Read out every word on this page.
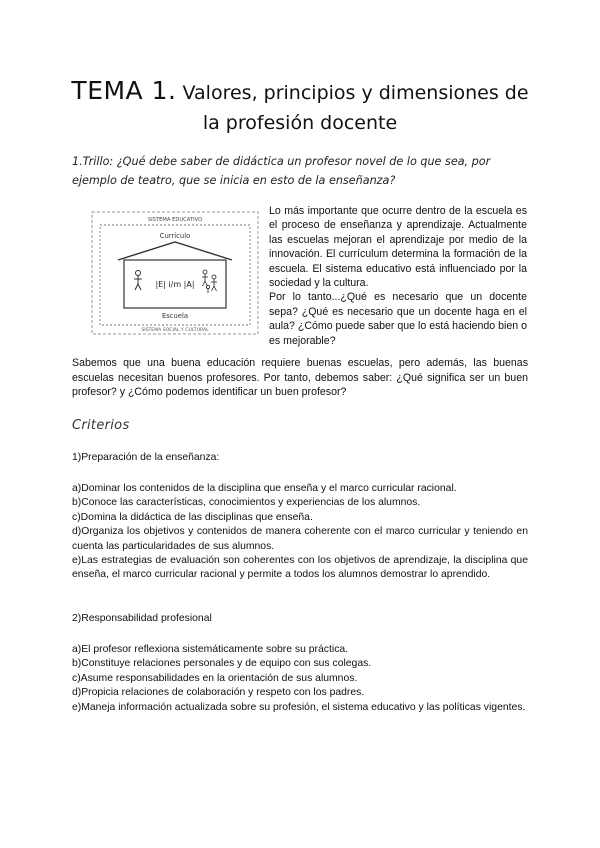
TEMA 1. Valores, principios y dimensiones de la profesión docente

1.Trillo: ¿Qué debe saber de didáctica un profesor novel de lo que sea, por ejemplo de teatro, que se inicia en esto de la enseñanza?

SISTEMA EDUCATIVO
Currículo
Escuela
SISTEMA SOCIAL Y CULTURAL
|E| i/m |A|

Lo más importante que ocurre dentro de la escuela es el proceso de enseñanza y aprendizaje. Actualmente las escuelas mejoran el aprendizaje por medio de la innovación. El currículum determina la formación de la escuela. El sistema educativo está influenciado por la sociedad y la cultura.

Por lo tanto...¿Qué es necesario que un docente sepa? ¿Qué es necesario que un docente haga en el aula? ¿Cómo puede saber que lo está haciendo bien o es mejorable?

Sabemos que una buena educación requiere buenas escuelas, pero además, las buenas escuelas necesitan buenos profesores. Por tanto, debemos saber: ¿Qué significa ser un buen profesor? y ¿Cómo podemos identificar un buen profesor?

Criterios

1)Preparación de la enseñanza:

a)Dominar los contenidos de la disciplina que enseña y el marco curricular racional.
b)Conoce las características, conocimientos y experiencias de los alumnos.
c)Domina la didáctica de las disciplinas que enseña.
d)Organiza los objetivos y contenidos de manera coherente con el marco curricular y teniendo en cuenta las particularidades de sus alumnos.
e)Las estrategias de evaluación son coherentes con los objetivos de aprendizaje, la disciplina que enseña, el marco curricular racional y permite a todos los alumnos demostrar lo aprendido.

2)Responsabilidad profesional

a)El profesor reflexiona sistemáticamente sobre su práctica.
b)Constituye relaciones personales y de equipo con sus colegas.
c)Asume responsabilidades en la orientación de sus alumnos.
d)Propicia relaciones de colaboración y respeto con los padres.
e)Maneja información actualizada sobre su profesión, el sistema educativo y las políticas vigentes.
